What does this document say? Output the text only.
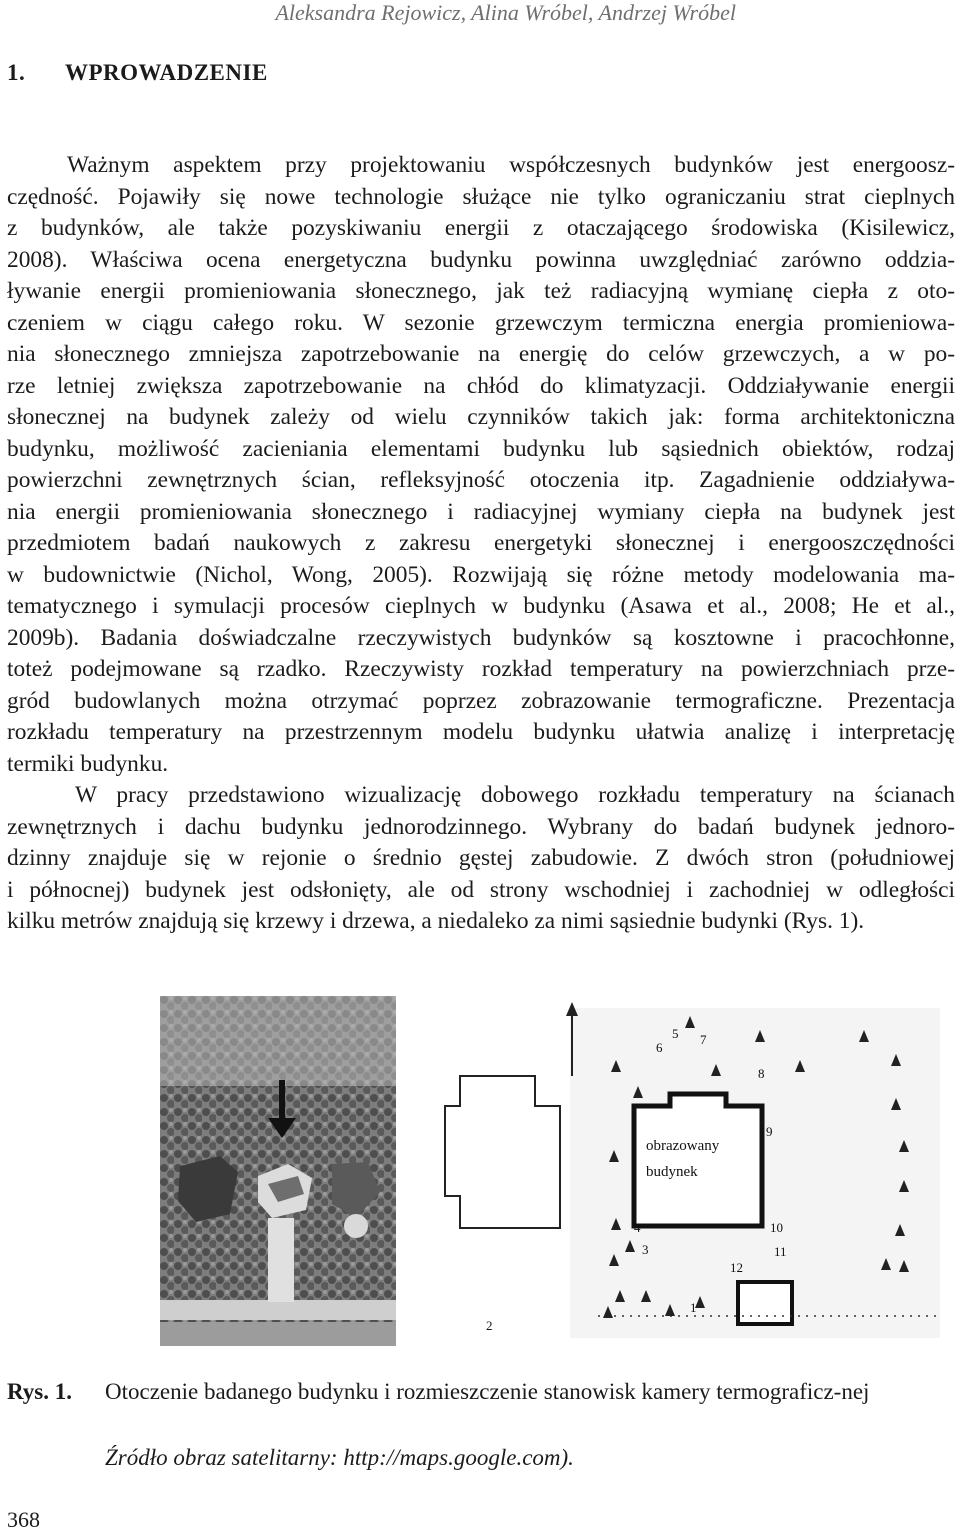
Aleksandra Rejowicz, Alina Wróbel, Andrzej Wróbel
1. WPROWADZENIE

Ważnym aspektem przy projektowaniu współczesnych budynków jest energoosz-
czędność. Pojawiły się nowe technologie służące nie tylko ograniczaniu strat cieplnych
z budynków, ale także pozyskiwaniu energii z otaczającego środowiska (Kisilewicz,
2008). Właściwa ocena energetyczna budynku powinna uwzględniać zarówno oddzia-
ływanie energii promieniowania słonecznego, jak też radiacyjną wymianę ciepła z oto-
czeniem w ciągu całego roku. W sezonie grzewczym termiczna energia promieniowa-
nia słonecznego zmniejsza zapotrzebowanie na energię do celów grzewczych, a w po-
rze letniej zwiększa zapotrzebowanie na chłód do klimatyzacji. Oddziaływanie energii
słonecznej na budynek zależy od wielu czynników takich jak: forma architektoniczna
budynku, możliwość zacieniania elementami budynku lub sąsiednich obiektów, rodzaj
powierzchni zewnętrznych ścian, refleksyjność otoczenia itp. Zagadnienie oddziaływa-
nia energii promieniowania słonecznego i radiacyjnej wymiany ciepła na budynek jest
przedmiotem badań naukowych z zakresu energetyki słonecznej i energooszczędności
w budownictwie (Nichol, Wong, 2005). Rozwijają się różne metody modelowania ma-
tematycznego i symulacji procesów cieplnych w budynku (Asawa et al., 2008; He et al.,
2009b). Badania doświadczalne rzeczywistych budynków są kosztowne i pracochłonne,
toteż podejmowane są rzadko. Rzeczywisty rozkład temperatury na powierzchniach prze-
gród budowlanych można otrzymać poprzez zobrazowanie termograficzne. Prezentacja
rozkładu temperatury na przestrzennym modelu budynku ułatwia analizę i interpretację
termiki budynku.

W pracy przedstawiono wizualizację dobowego rozkładu temperatury na ścianach
zewnętrznych i dachu budynku jednorodzinnego. Wybrany do badań budynek jednoro-
dzinny znajduje się w rejonie o średnio gęstej zabudowie. Z dwóch stron (południowej
i północnej) budynek jest odsłonięty, ale od strony wschodniej i zachodniej w odległości
kilku metrów znajdują się krzewy i drzewa, a niedaleko za nimi sąsiednie budynki (Rys. 1).

obrazowany
budynek
1
2
3
4
5
6
7
8
9
10
11
12
Rys. 1. Otoczenie badanego budynku i rozmieszczenie stanowisk kamery termograficz-nej
Źródło obraz satelitarny: http://maps.google.com).
368
